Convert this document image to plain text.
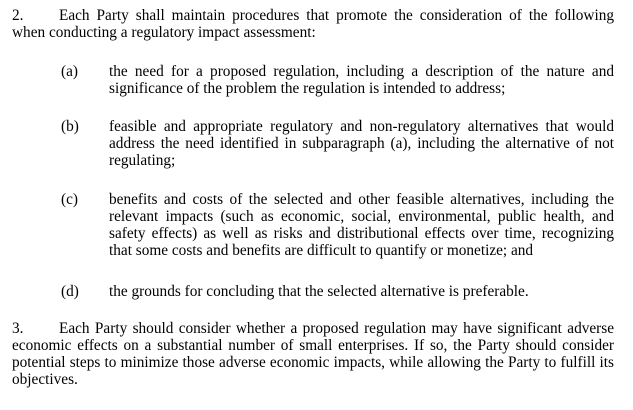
2. Each Party shall maintain procedures that promote the consideration of the following when conducting a regulatory impact assessment:
(a)	the need for a proposed regulation, including a description of the nature and significance of the problem the regulation is intended to address;
(b)	feasible and appropriate regulatory and non-regulatory alternatives that would address the need identified in subparagraph (a), including the alternative of not regulating;
(c)	benefits and costs of the selected and other feasible alternatives, including the relevant impacts (such as economic, social, environmental, public health, and safety effects) as well as risks and distributional effects over time, recognizing that some costs and benefits are difficult to quantify or monetize; and
(d)	the grounds for concluding that the selected alternative is preferable.
3. Each Party should consider whether a proposed regulation may have significant adverse economic effects on a substantial number of small enterprises. If so, the Party should consider potential steps to minimize those adverse economic impacts, while allowing the Party to fulfill its objectives.
